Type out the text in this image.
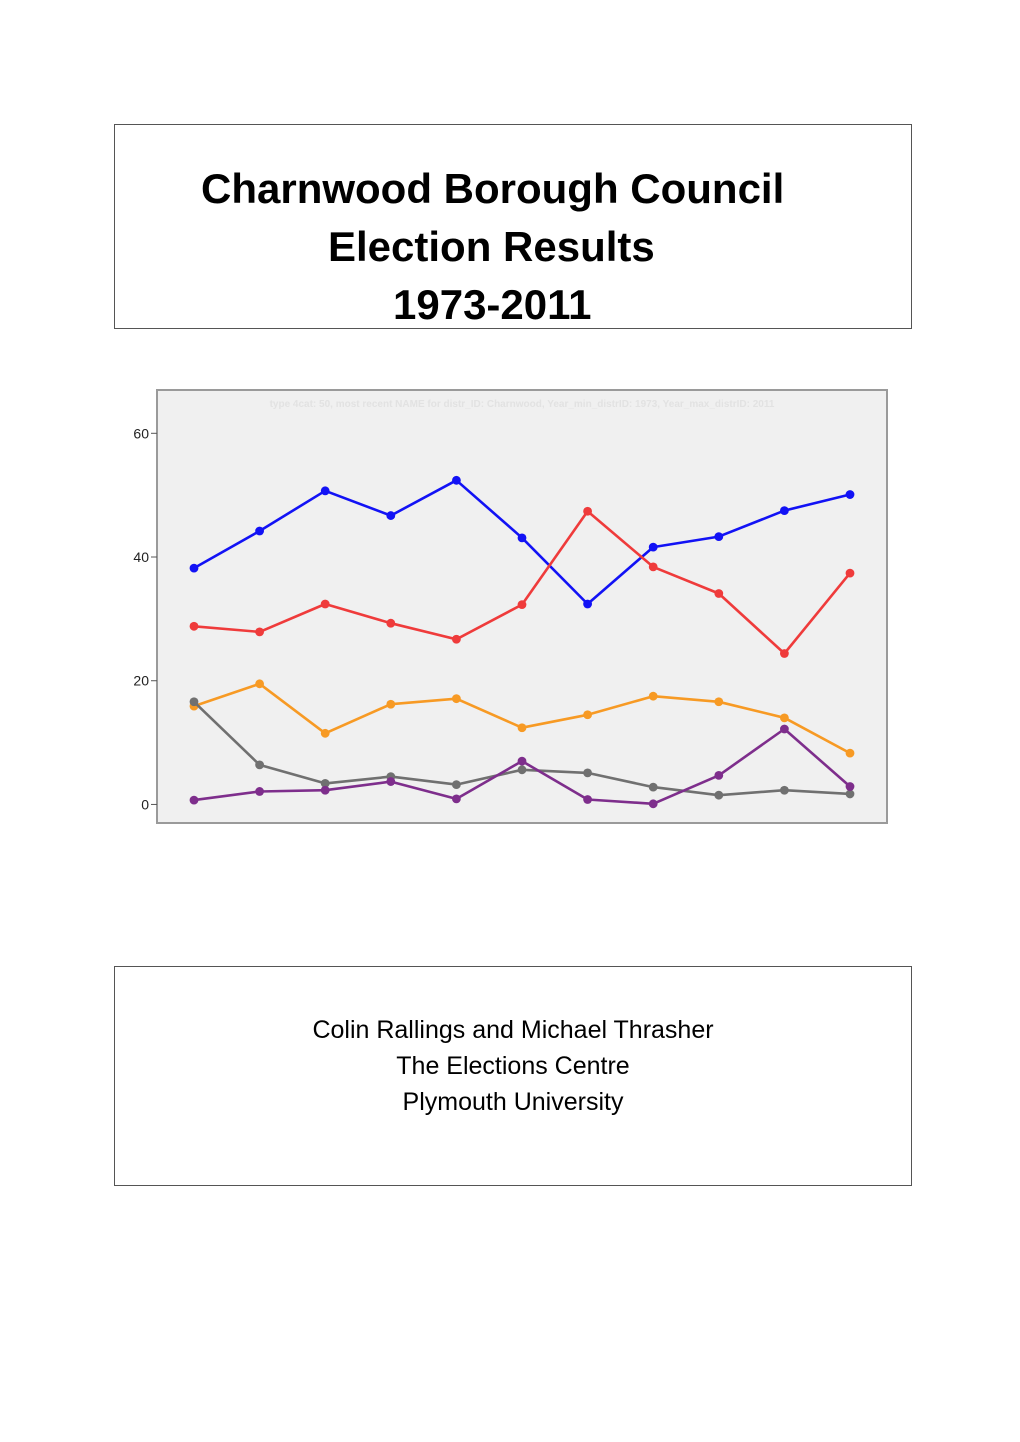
Charnwood Borough Council
Election Results
1973-2011
type 4cat: 50, most recent NAME for distr_ID: Charnwood, Year_min_distrID: 1973, Year_max_distrID: 2011
0
20
40
60
Colin Rallings and Michael Thrasher
The Elections Centre
Plymouth University
